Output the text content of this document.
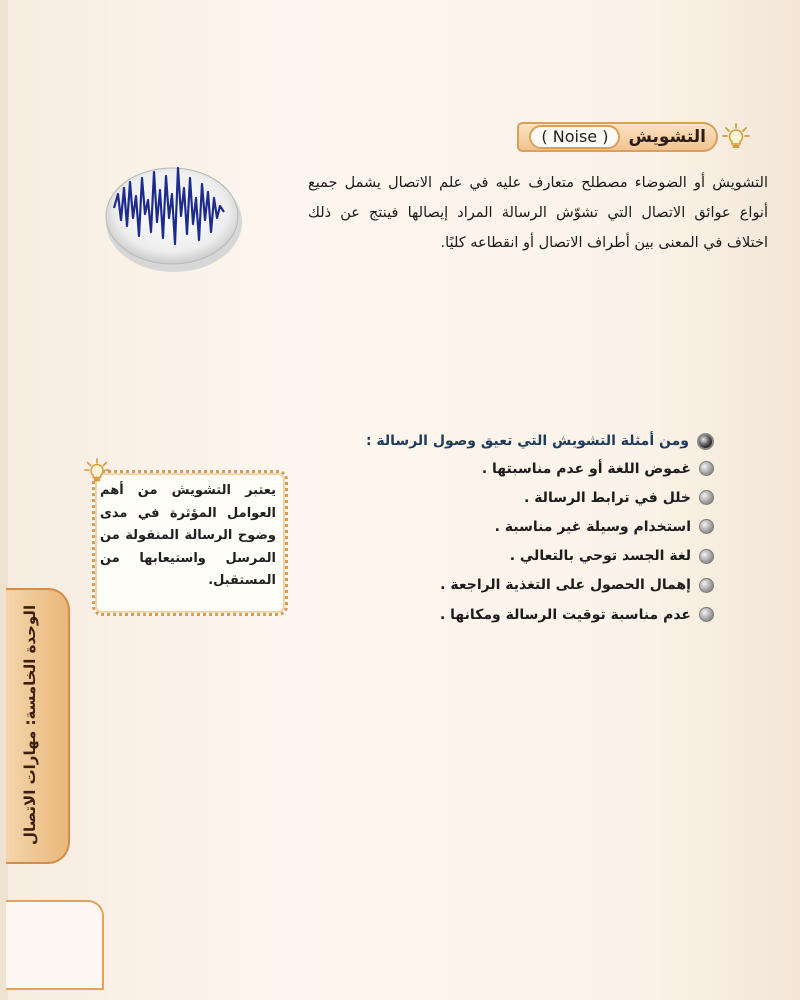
التشويش
( Noise )
التشويش أو الضوضاء مصطلح متعارف عليه في علم الاتصال يشمل جميع أنواع عوائق الاتصال التي تشوّش الرسالة المراد إيصالها فينتج عن ذلك اختلاف في المعنى بين أطراف الاتصال أو انقطاعه كليًا.
ومن أمثلة التشويش التي تعيق وصول الرسالة :
غموض اللغة أو عدم مناسبتها .
خلل في ترابط الرسالة .
استخدام وسيلة غير مناسبة .
لغة الجسد توحي بالتعالي .
إهمال الحصول على التغذية الراجعة .
عدم مناسبة توقيت الرسالة ومكانها .
يعتبر التشويش من أهم العوامل المؤثرة في مدى وضوح الرسالة المنقولة من المرسل واستيعابها من المستقبل.
الوحدة الخامسة: مهارات الاتصال
